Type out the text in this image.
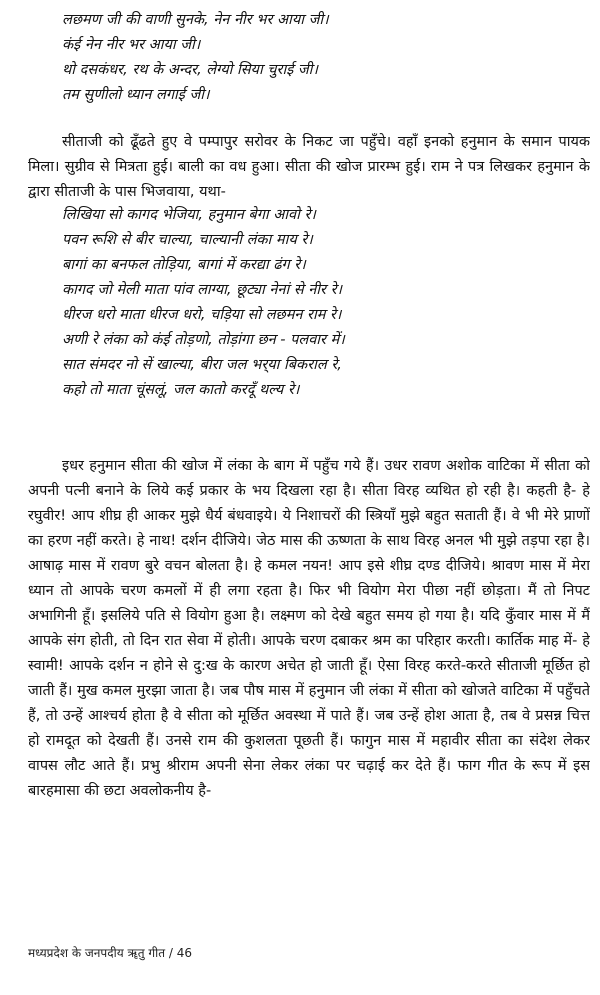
लछमण जी की वाणी सुनके, नेन नीर भर आया जी।
कंई नेन नीर भर आया जी।
थो दसकंधर, रथ के अन्दर, लेग्यो सिया चुराई जी।
तम सुणीलो ध्यान लगाई जी।

सीताजी को ढूँढते हुए वे पम्पापुर सरोवर के निकट जा पहुँचे। वहाँ इनको हनुमान के समान पायक मिला। सुग्रीव से मित्रता हुई। बाली का वध हुआ। सीता की खोज प्रारम्भ हुई। राम ने पत्र लिखकर हनुमान के द्वारा सीताजी के पास भिजवाया, यथा-

लिखिया सो कागद भेजिया, हनुमान बेगा आवो रे।
पवन रूशि से बीर चाल्या, चाल्यानी लंका माय रे।
बागां का बनफल तोड़िया, बागां में करद्या ढंग रे।
कागद जो मेली माता पांव लाग्या, छूट्या नेनां से नीर रे।
धीरज धरो माता धीरज धरो, चड़िया सो लछमन राम रे।
अणी रे लंका को कंई तोड़णो, तोड़ांगा छन - पलवार में।
सात संमदर नो सें खाल्या, बीरा जल भर्‌या बिकराल रे,
कहो तो माता चूंसलूं, जल कातो करदूँ थल्य रे।

इधर हनुमान सीता की खोज में लंका के बाग में पहुँच गये हैं। उधर रावण अशोक वाटिका में सीता को अपनी पत्नी बनाने के लिये कई प्रकार के भय दिखला रहा है। सीता विरह व्यथित हो रही है। कहती है- हे रघुवीर! आप शीघ्र ही आकर मुझे धैर्य बंधवाइये। ये निशाचरों की स्त्रियाँ मुझे बहुत सताती हैं। वे भी मेरे प्राणों का हरण नहीं करते। हे नाथ! दर्शन दीजिये। जेठ मास की ऊष्णता के साथ विरह अनल भी मुझे तड़पा रहा है। आषाढ़ मास में रावण बुरे वचन बोलता है। हे कमल नयन! आप इसे शीघ्र दण्ड दीजिये। श्रावण मास में मेरा ध्यान तो आपके चरण कमलों में ही लगा रहता है। फिर भी वियोग मेरा पीछा नहीं छोड़ता। मैं तो निपट अभागिनी हूँ। इसलिये पति से वियोग हुआ है। लक्ष्मण को देखे बहुत समय हो गया है। यदि कुँवार मास में मैं आपके संग होती, तो दिन रात सेवा में होती। आपके चरण दबाकर श्रम का परिहार करती। कार्तिक माह में- हे स्वामी! आपके दर्शन न होने से दु:ख के कारण अचेत हो जाती हूँ। ऐसा विरह करते-करते सीताजी मूर्छित हो जाती हैं। मुख कमल मुरझा जाता है। जब पौष मास में हनुमान जी लंका में सीता को खोजते वाटिका में पहुँचते हैं, तो उन्हें आश्चर्य होता है वे सीता को मूर्छित अवस्था में पाते हैं। जब उन्हें होश आता है, तब वे प्रसन्न चित्त हो रामदूत को देखती हैं। उनसे राम की कुशलता पूछती हैं। फागुन मास में महावीर सीता का संदेश लेकर वापस लौट आते हैं। प्रभु श्रीराम अपनी सेना लेकर लंका पर चढ़ाई कर देते हैं। फाग गीत के रूप में इस बारहमासा की छटा अवलोकनीय है-

मध्यप्रदेश के जनपदीय ॠतु गीत / 46
